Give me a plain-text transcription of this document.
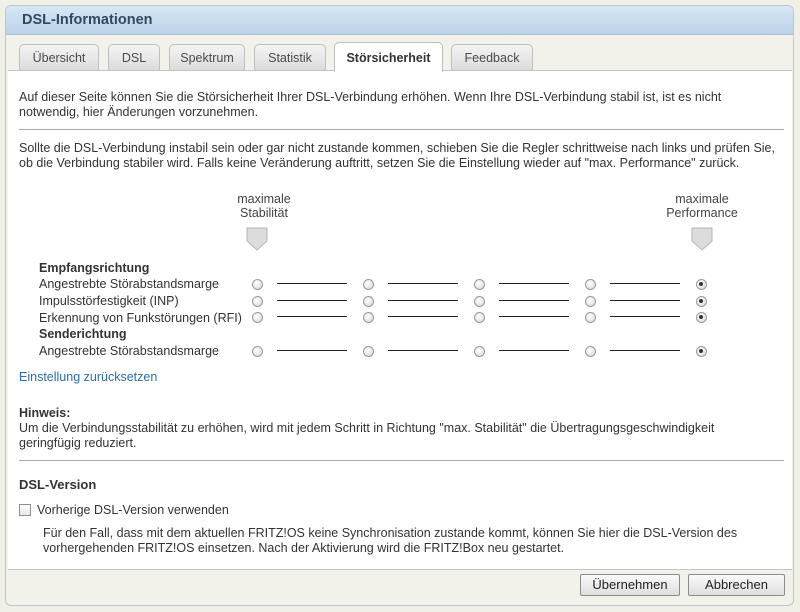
DSL-Informationen
Übersicht	DSL	Spektrum	Statistik	Störsicherheit	Feedback
Auf dieser Seite können Sie die Störsicherheit Ihrer DSL-Verbindung erhöhen. Wenn Ihre DSL-Verbindung stabil ist, ist es nicht notwendig, hier Änderungen vorzunehmen.
Sollte die DSL-Verbindung instabil sein oder gar nicht zustande kommen, schieben Sie die Regler schrittweise nach links und prüfen Sie, ob die Verbindung stabiler wird. Falls keine Veränderung auftritt, setzen Sie die Einstellung wieder auf "max. Performance" zurück.
maximale
Stabilität
maximale
Performance
Empfangsrichtung
Angestrebte Störabstandsmarge
Impulsstörfestigkeit (INP)
Erkennung von Funkstörungen (RFI)
Senderichtung
Angestrebte Störabstandsmarge
Einstellung zurücksetzen
Hinweis:
Um die Verbindungsstabilität zu erhöhen, wird mit jedem Schritt in Richtung "max. Stabilität" die Übertragungsgeschwindigkeit geringfügig reduziert.
DSL-Version
Vorherige DSL-Version verwenden
Für den Fall, dass mit dem aktuellen FRITZ!OS keine Synchronisation zustande kommt, können Sie hier die DSL-Version des vorhergehenden FRITZ!OS einsetzen. Nach der Aktivierung wird die FRITZ!Box neu gestartet.
Übernehmen	Abbrechen
